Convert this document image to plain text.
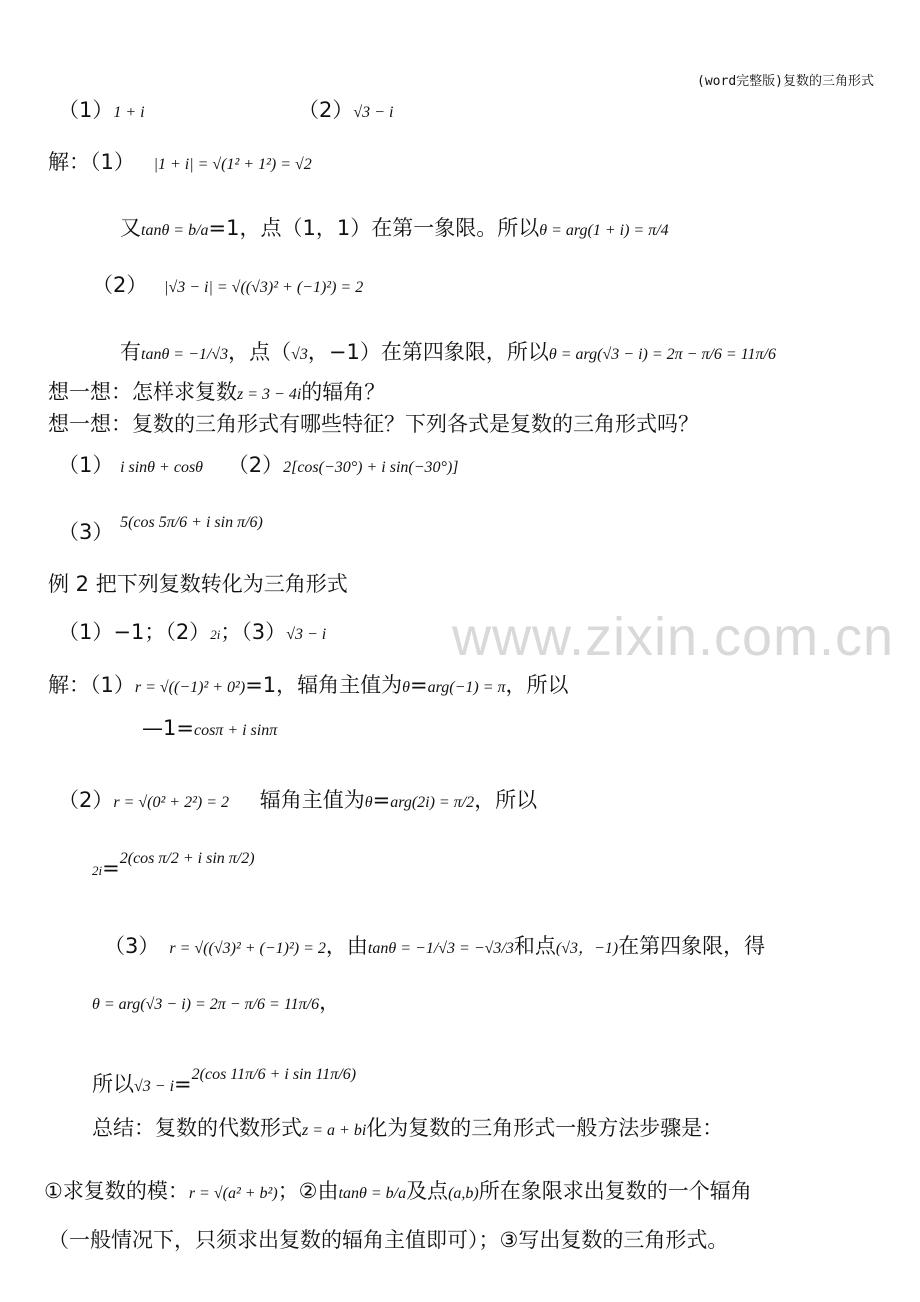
(word完整版)复数的三角形式
www.zixin.com.cn
（1）1 + i	（2）√3 − i
解：（1） |1 + i| = √(1² + 1²) = √2
又tanθ = b/a=1，点（1，1）在第一象限。所以θ = arg(1 + i) = π/4
（2） |√3 − i| = √((√3)² + (−1)²) = 2
有tanθ = −1/√3，点（√3，−1）在第四象限，所以θ = arg(√3 − i) = 2π − π/6 = 11π/6
想一想：怎样求复数z = 3 − 4i的辐角？
想一想：复数的三角形式有哪些特征？下列各式是复数的三角形式吗？
（1） i sinθ + cosθ （2）2[cos(−30°) + i sin(−30°)]
（3） $^{5(cos 5\pi/6 + i sin \pi/6)}$
例 2 把下列复数转化为三角形式
（1）−1；（2）2i；（3）√3 − i
解：（1）r = √((−1)² + 0²)=1，辐角主值为θ=arg(−1) = π，所以
—1=cosπ + i sinπ
（2）r = √(0² + 2²) = 2 辐角主值为θ=arg(2i) = π/2，所以
2i=$^{2(cos \pi/2 + i sin \pi/2)}$
（3） r = √((√3)² + (−1)²) = 2，由tanθ = −1/√3 = −√3/3和点(√3，−1)在第四象限，得
θ = arg(√3 − i) = 2π − π/6 = 11π/6，
所以√3 − i=$^{2(cos 11\pi/6 + i sin 11\pi/6)}$
总结：复数的代数形式z = a + bi化为复数的三角形式一般方法步骤是：
①求复数的模：r = √(a² + b²)；②由tanθ = b/a及点(a,b)所在象限求出复数的一个辐角
（一般情况下，只须求出复数的辐角主值即可）；③写出复数的三角形式。
